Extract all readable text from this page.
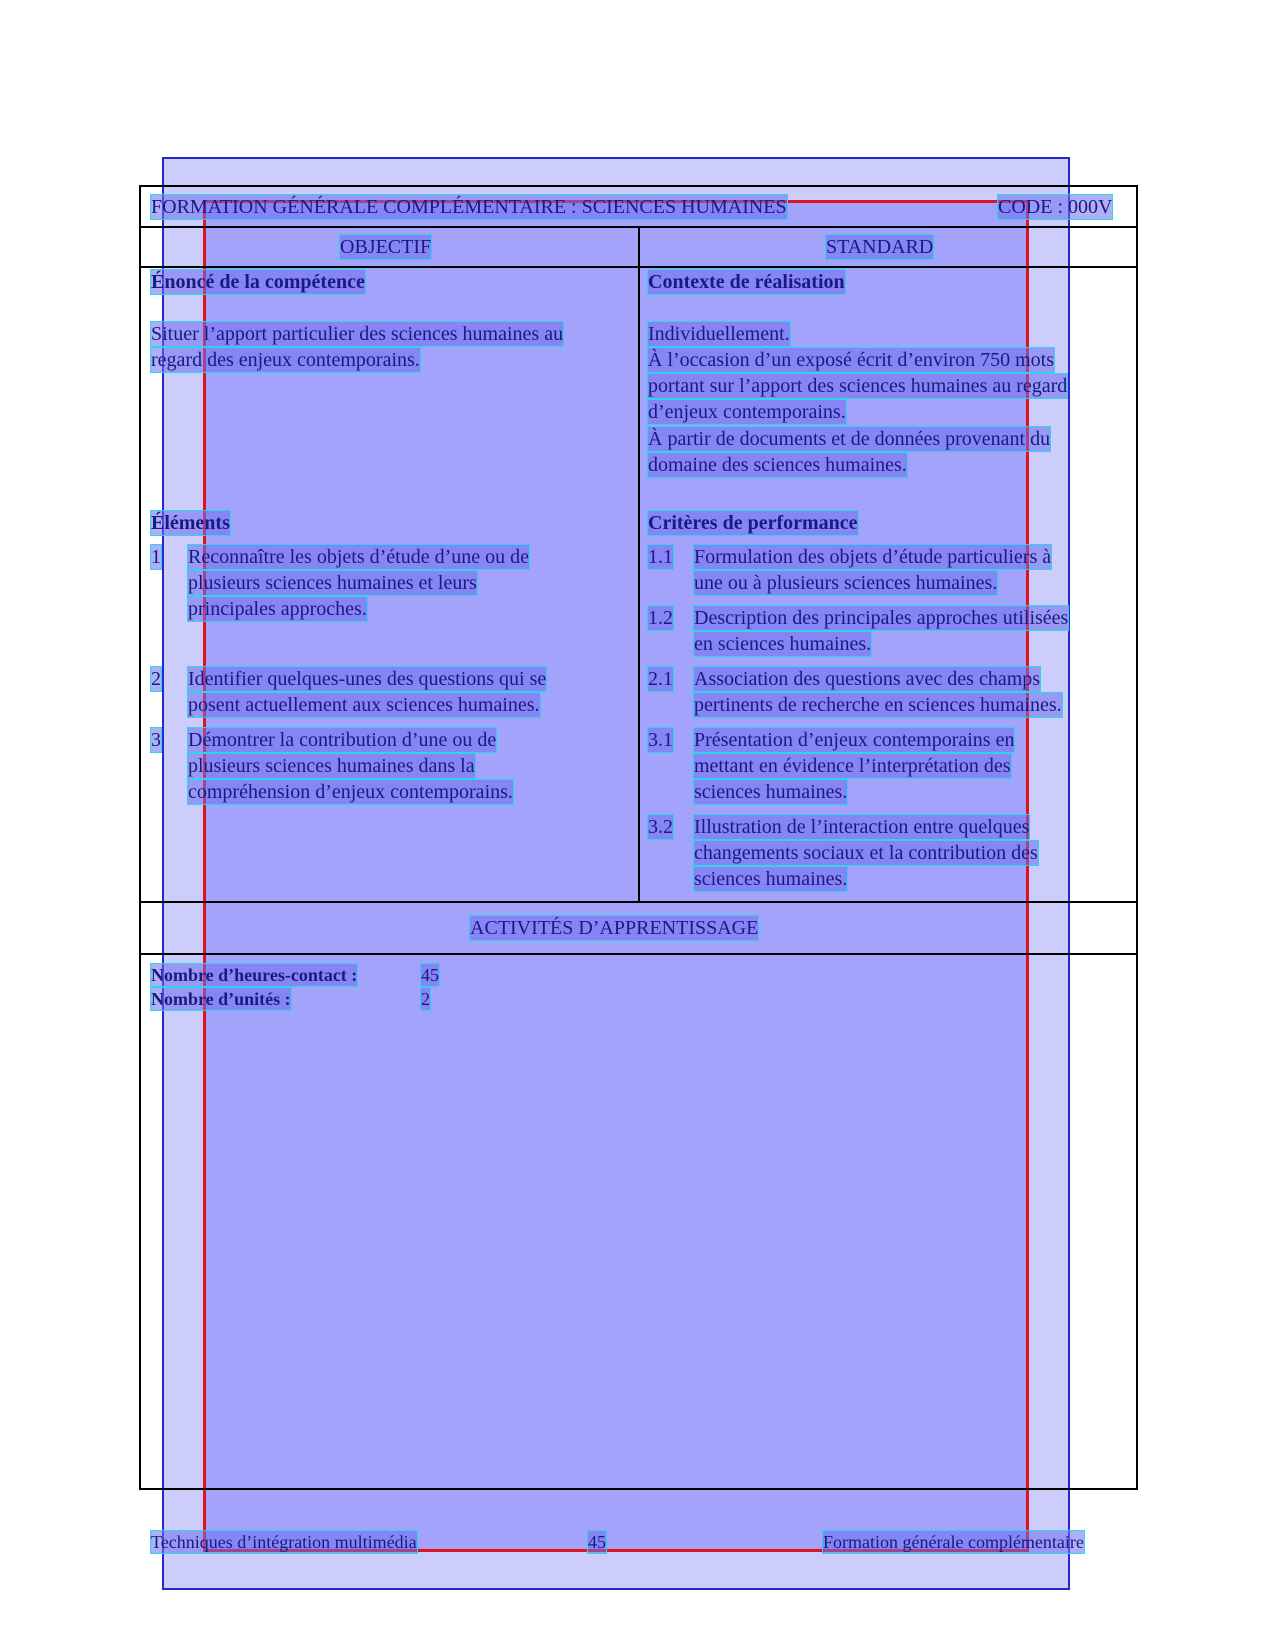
FORMATION GÉNÉRALE COMPLÉMENTAIRE : SCIENCES HUMAINES	CODE : 000V
OBJECTIF	STANDARD
Énoncé de la compétence
Situer l’apport particulier des sciences humaines au
regard des enjeux contemporains.
Contexte de réalisation
Individuellement.
À l’occasion d’un exposé écrit d’environ 750 mots
portant sur l’apport des sciences humaines au regard
d’enjeux contemporains.
À partir de documents et de données provenant du
domaine des sciences humaines.
Éléments
1 Reconnaître les objets d’étude d’une ou de
plusieurs sciences humaines et leurs
principales approches.
2 Identifier quelques-unes des questions qui se
posent actuellement aux sciences humaines.
3 Démontrer la contribution d’une ou de
plusieurs sciences humaines dans la
compréhension d’enjeux contemporains.
Critères de performance
1.1 Formulation des objets d’étude particuliers à
une ou à plusieurs sciences humaines.
1.2 Description des principales approches utilisées
en sciences humaines.
2.1 Association des questions avec des champs
pertinents de recherche en sciences humaines.
3.1 Présentation d’enjeux contemporains en
mettant en évidence l’interprétation des
sciences humaines.
3.2 Illustration de l’interaction entre quelques
changements sociaux et la contribution des
sciences humaines.
ACTIVITÉS D’APPRENTISSAGE
Nombre d’heures-contact :	45
Nombre d’unités :	2
Techniques d’intégration multimédia	45	Formation générale complémentaire
